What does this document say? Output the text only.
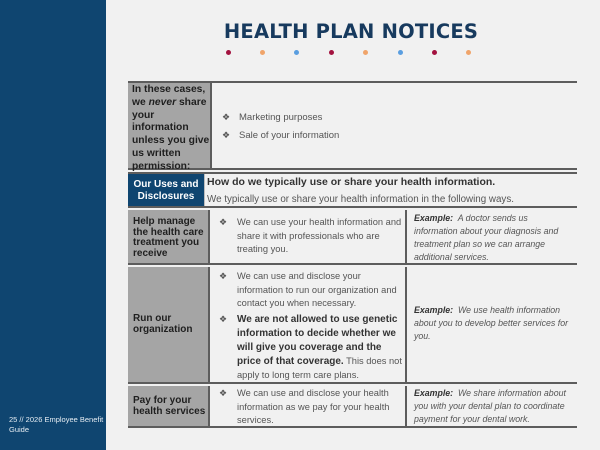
25 // 2026 Employee Benefit Guide
HEALTH PLAN NOTICES
In these cases,
we never share
your
information
unless you give
us written
permission:
❖ Marketing purposes
❖ Sale of your information
Our Uses and
Disclosures
How do we typically use or share your health information.
We typically use or share your health information in the following ways.
Help manage
the health care
treatment you
receive
❖ We can use your health information and share it with professionals who are treating you.
Example: A doctor sends us information about your diagnosis and treatment plan so we can arrange additional services.
Run our
organization
❖ We can use and disclose your information to run our organization and contact you when necessary.
❖ We are not allowed to use genetic information to decide whether we will give you coverage and the price of that coverage. This does not apply to long term care plans.
Example: We use health information about you to develop better services for you.
Pay for your
health services
❖ We can use and disclose your health information as we pay for your health services.
Example: We share information about you with your dental plan to coordinate payment for your dental work.
